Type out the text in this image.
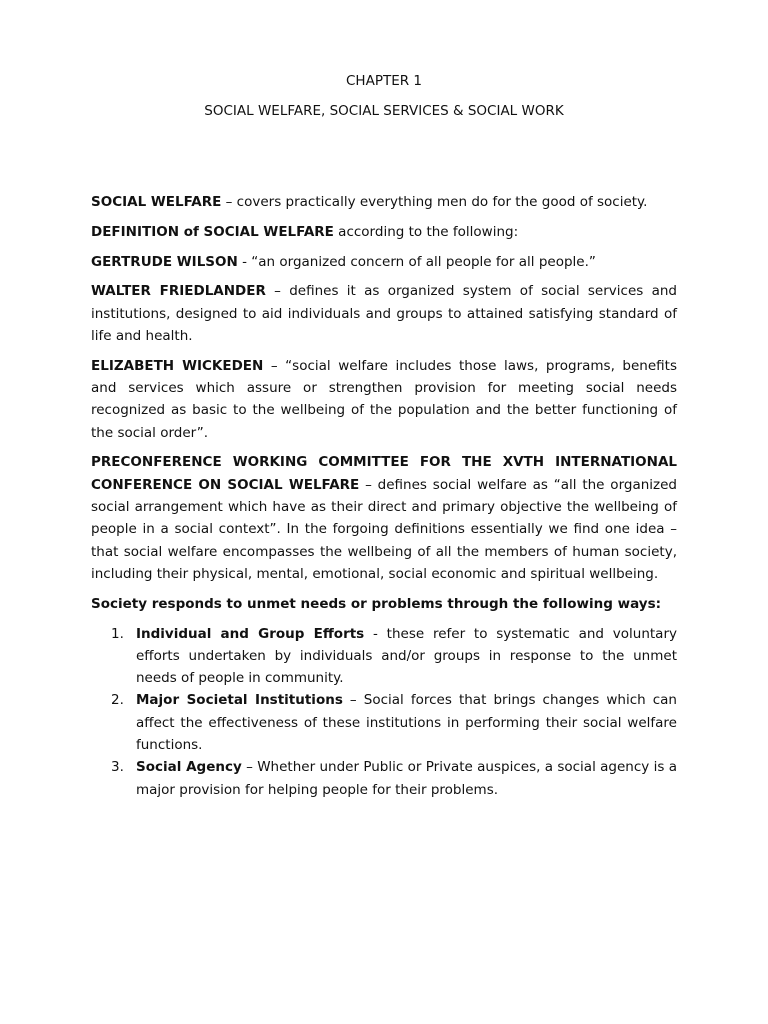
CHAPTER 1
SOCIAL WELFARE, SOCIAL SERVICES & SOCIAL WORK

SOCIAL WELFARE – covers practically everything men do for the good of society.

DEFINITION of SOCIAL WELFARE according to the following:

GERTRUDE WILSON - “an organized concern of all people for all people.”

WALTER FRIEDLANDER – defines it as organized system of social services and institutions, designed to aid individuals and groups to attained satisfying standard of life and health.

ELIZABETH WICKEDEN – “social welfare includes those laws, programs, benefits and services which assure or strengthen provision for meeting social needs recognized as basic to the wellbeing of the population and the better functioning of the social order”.

PRECONFERENCE WORKING COMMITTEE FOR THE XVTH INTERNATIONAL CONFERENCE ON SOCIAL WELFARE – defines social welfare as “all the organized social arrangement which have as their direct and primary objective the wellbeing of people in a social context”. In the forgoing definitions essentially we find one idea – that social welfare encompasses the wellbeing of all the members of human society, including their physical, mental, emotional, social economic and spiritual wellbeing.

Society responds to unmet needs or problems through the following ways:

1. Individual and Group Efforts - these refer to systematic and voluntary efforts undertaken by individuals and/or groups in response to the unmet needs of people in community.
2. Major Societal Institutions – Social forces that brings changes which can affect the effectiveness of these institutions in performing their social welfare functions.
3. Social Agency – Whether under Public or Private auspices, a social agency is a major provision for helping people for their problems.
